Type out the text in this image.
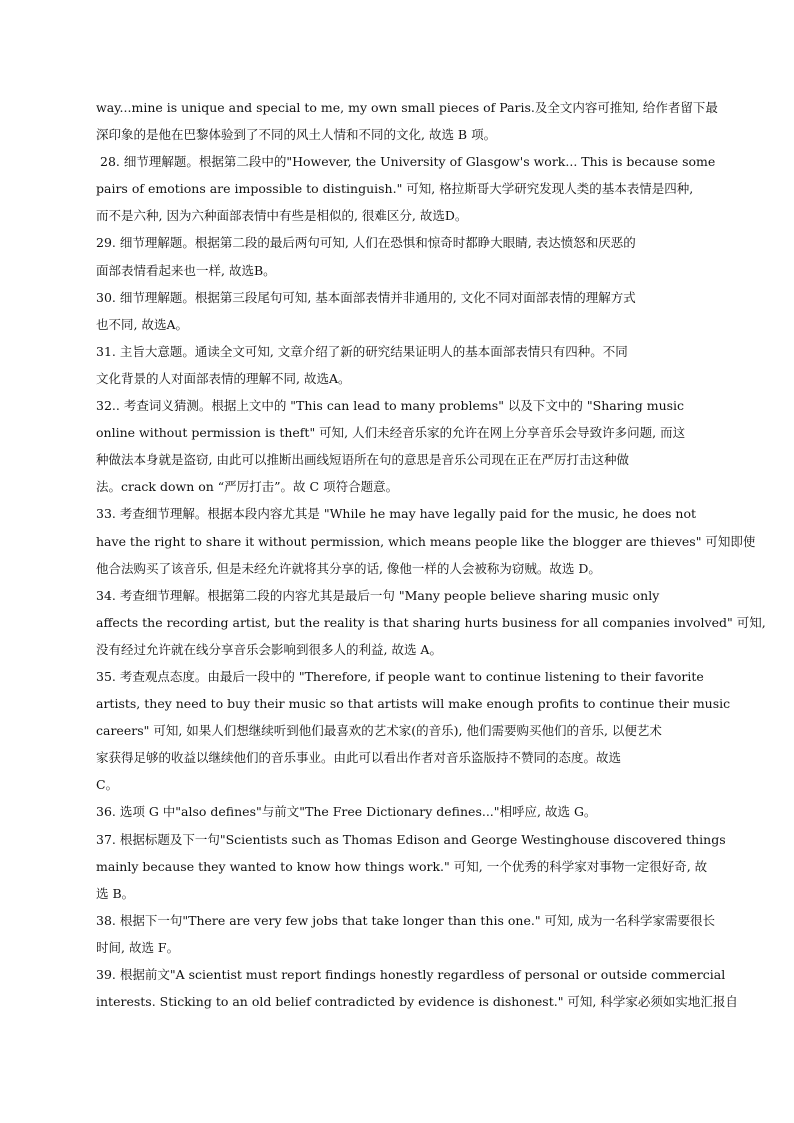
way...mine is unique and special to me, my own small pieces of Paris.及全文内容可推知, 给作者留下最
深印象的是他在巴黎体验到了不同的风土人情和不同的文化, 故选 B 项。
28. 细节理解题。根据第二段中的"However, the University of Glasgow's work... This is because some
pairs of emotions are impossible to distinguish." 可知, 格拉斯哥大学研究发现人类的基本表情是四种,
而不是六种, 因为六种面部表情中有些是相似的, 很难区分, 故选D。
29. 细节理解题。根据第二段的最后两句可知, 人们在恐惧和惊奇时都睁大眼睛, 表达愤怒和厌恶的
面部表情看起来也一样, 故选B。
30. 细节理解题。根据第三段尾句可知, 基本面部表情并非通用的, 文化不同对面部表情的理解方式
也不同, 故选A。
31. 主旨大意题。通读全文可知, 文章介绍了新的研究结果证明人的基本面部表情只有四种。不同
文化背景的人对面部表情的理解不同, 故选A。
32.. 考查词义猜测。根据上文中的 "This can lead to many problems" 以及下文中的 "Sharing music
online without permission is theft" 可知, 人们未经音乐家的允许在网上分享音乐会导致许多问题, 而这
种做法本身就是盗窃, 由此可以推断出画线短语所在句的意思是音乐公司现在正在严厉打击这种做
法。crack down on “严厉打击”。故 C 项符合题意。
33. 考查细节理解。根据本段内容尤其是 "While he may have legally paid for the music, he does not
have the right to share it without permission, which means people like the blogger are thieves" 可知即使
他合法购买了该音乐, 但是未经允许就将其分享的话, 像他一样的人会被称为窃贼。故选 D。
34. 考查细节理解。根据第二段的内容尤其是最后一句 "Many people believe sharing music only
affects the recording artist, but the reality is that sharing hurts business for all companies involved" 可知,
没有经过允许就在线分享音乐会影响到很多人的利益, 故选 A。
35. 考查观点态度。由最后一段中的 "Therefore, if people want to continue listening to their favorite
artists, they need to buy their music so that artists will make enough profits to continue their music
careers" 可知, 如果人们想继续听到他们最喜欢的艺术家(的音乐), 他们需要购买他们的音乐, 以便艺术
家获得足够的收益以继续他们的音乐事业。由此可以看出作者对音乐盗版持不赞同的态度。故选
C。
36. 选项 G 中"also defines"与前文"The Free Dictionary defines..."相呼应, 故选 G。
37. 根据标题及下一句"Scientists such as Thomas Edison and George Westinghouse discovered things
mainly because they wanted to know how things work." 可知, 一个优秀的科学家对事物一定很好奇, 故
选 B。
38. 根据下一句"There are very few jobs that take longer than this one." 可知, 成为一名科学家需要很长
时间, 故选 F。
39. 根据前文"A scientist must report findings honestly regardless of personal or outside commercial
interests. Sticking to an old belief contradicted by evidence is dishonest." 可知, 科学家必须如实地汇报自
